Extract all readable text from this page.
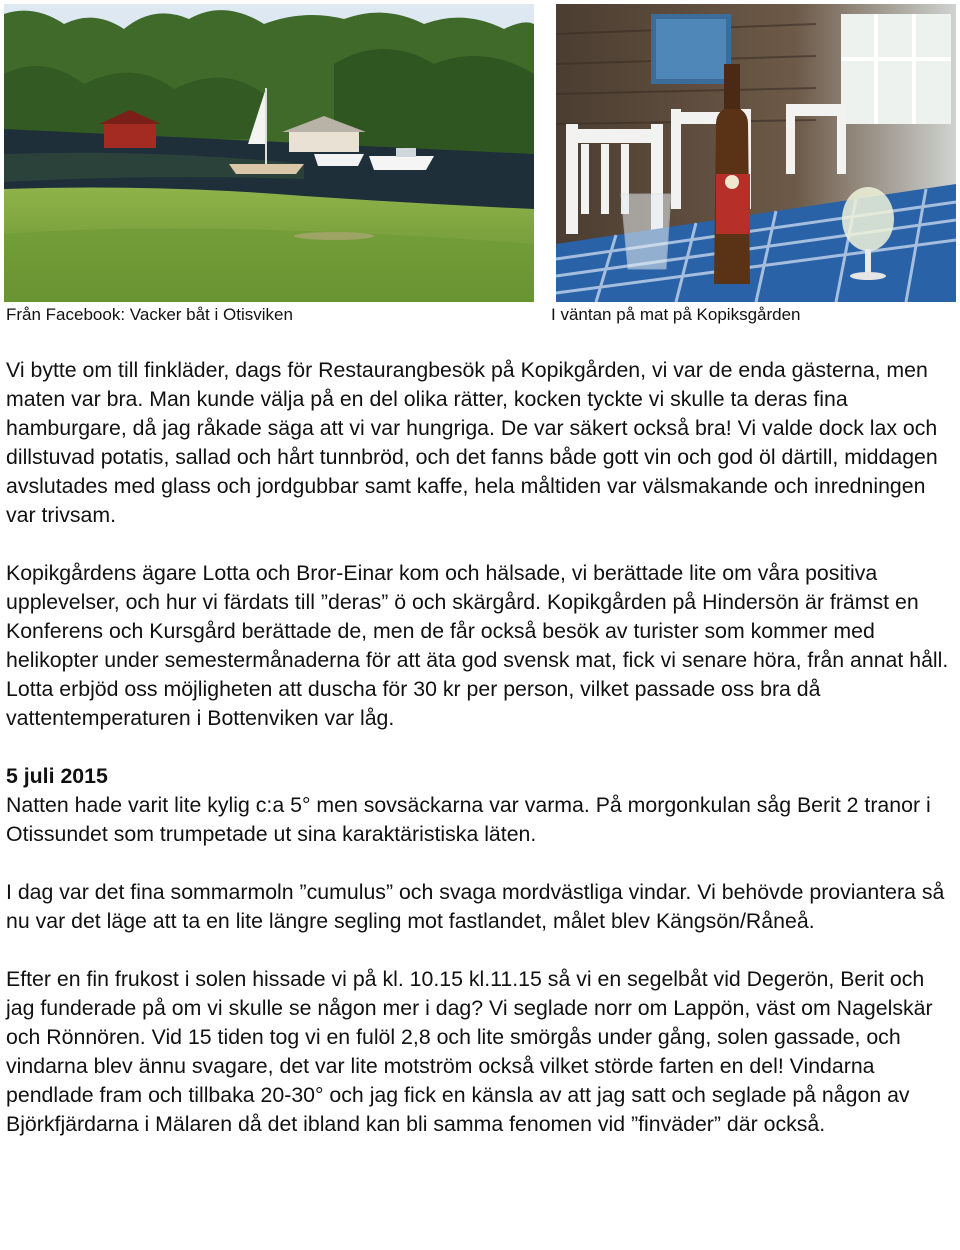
Från Facebook: Vacker båt i Otisviken	I väntan på mat på Kopiksgården

Vi bytte om till finkläder, dags för Restaurangbesök på Kopikgården, vi var de enda gästerna, men maten var bra. Man kunde välja på en del olika rätter, kocken tyckte vi skulle ta deras fina hamburgare, då jag råkade säga att vi var hungriga. De var säkert också bra! Vi valde dock lax och dillstuvad potatis, sallad och hårt tunnbröd, och det fanns både gott vin och god öl därtill, middagen avslutades med glass och jordgubbar samt kaffe, hela måltiden var välsmakande och inredningen var trivsam.

Kopikgårdens ägare Lotta och Bror-Einar kom och hälsade, vi berättade lite om våra positiva upplevelser, och hur vi färdats till ”deras” ö och skärgård. Kopikgården på Hindersön är främst en Konferens och Kursgård berättade de, men de får också besök av turister som kommer med helikopter under semestermånaderna för att äta god svensk mat, fick vi senare höra, från annat håll. Lotta erbjöd oss möjligheten att duscha för 30 kr per person, vilket passade oss bra då vattentemperaturen i Bottenviken var låg.

5 juli 2015

Natten hade varit lite kylig c:a 5° men sovsäckarna var varma. På morgonkulan såg Berit 2 tranor i Otissundet som trumpetade ut sina karaktäristiska läten.

I dag var det fina sommarmoln ”cumulus” och svaga mordvästliga vindar. Vi behövde proviantera så nu var det läge att ta en lite längre segling mot fastlandet, målet blev Kängsön/Råneå.

Efter en fin frukost i solen hissade vi på kl. 10.15 kl.11.15 så vi en segelbåt vid Degerön, Berit och jag funderade på om vi skulle se någon mer i dag? Vi seglade norr om Lappön, väst om Nagelskär och Rönnören. Vid 15 tiden tog vi en fulöl 2,8 och lite smörgås under gång, solen gassade, och vindarna blev ännu svagare, det var lite motström också vilket störde farten en del! Vindarna pendlade fram och tillbaka 20-30° och jag fick en känsla av att jag satt och seglade på någon av Björkfjärdarna i Mälaren då det ibland kan bli samma fenomen vid ”finväder” där också.
